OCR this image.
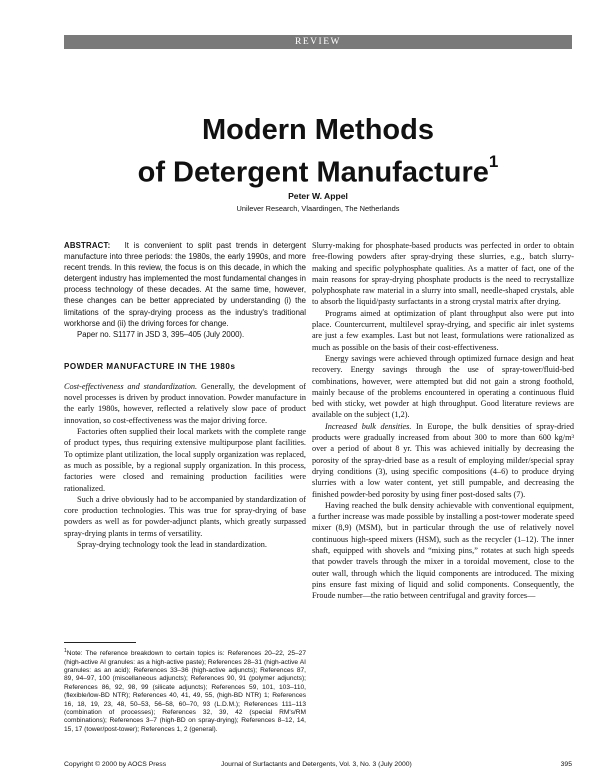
REVIEW
Modern Methods
of Detergent Manufacture$^1$
Peter W. Appel
Unilever Research, Vlaardingen, The Netherlands

ABSTRACT: It is convenient to split past trends in detergent manufacture into three periods: the 1980s, the early 1990s, and more recent trends. In this review, the focus is on this decade, in which the detergent industry has implemented the most fundamental changes in process technology of these decades. At the same time, however, these changes can be better appreciated by understanding (i) the limitations of the spray-drying process as the industry's traditional workhorse and (ii) the driving forces for change.

Paper no. S1177 in JSD 3, 395–405 (July 2000).

POWDER MANUFACTURE IN THE 1980s

Cost-effectiveness and standardization. Generally, the development of novel processes is driven by product innovation. Powder manufacture in the early 1980s, however, reflected a relatively slow pace of product innovation, so cost-effectiveness was the major driving force.

Factories often supplied their local markets with the complete range of product types, thus requiring extensive multipurpose plant facilities. To optimize plant utilization, the local supply organization was replaced, as much as possible, by a regional supply organization. In this process, factories were closed and remaining production facilities were rationalized.

Such a drive obviously had to be accompanied by standardization of core production technologies. This was true for spray-drying of base powders as well as for powder-adjunct plants, which greatly surpassed spray-drying plants in terms of versatility.

Spray-drying technology took the lead in standardization.

$^1$Note: The reference breakdown to certain topics is: References 20–22, 25–27 (high-active AI granules: as a high-active paste); References 28–31 (high-active AI granules: as an acid); References 33–36 (high-active adjuncts); References 87, 89, 94–97, 100 (miscellaneous adjuncts); References 90, 91 (polymer adjuncts); References 86, 92, 98, 99 (silicate adjuncts); References 59, 101, 103–110, (flexible/low-BD NTR); References 40, 41, 49, 55, (high-BD NTR) 1; References 16, 18, 19, 23, 48, 50–53, 56–58, 60–70, 93 (L.D.M.); References 111–113 (combination of processes); References 32, 39, 42 (special RM's/RM combinations); References 3–7 (high-BD on spray-drying); References 8–12, 14, 15, 17 (tower/post-tower); References 1, 2 (general).

Slurry-making for phosphate-based products was perfected in order to obtain free-flowing powders after spray-drying these slurries, e.g., batch slurry-making and specific polyphosphate qualities. As a matter of fact, one of the main reasons for spray-drying phosphate products is the need to recrystallize polyphosphate raw material in a slurry into small, needle-shaped crystals, able to absorb the liquid/pasty surfactants in a strong crystal matrix after drying.

Programs aimed at optimization of plant throughput also were put into place. Countercurrent, multilevel spray-drying, and specific air inlet systems are just a few examples. Last but not least, formulations were rationalized as much as possible on the basis of their cost-effectiveness.

Energy savings were achieved through optimized furnace design and heat recovery. Energy savings through the use of spray-tower/fluid-bed combinations, however, were attempted but did not gain a strong foothold, mainly because of the problems encountered in operating a continuous fluid bed with sticky, wet powder at high throughput. Good literature reviews are available on the subject (1,2).

Increased bulk densities. In Europe, the bulk densities of spray-dried products were gradually increased from about 300 to more than 600 kg/m³ over a period of about 8 yr. This was achieved initially by decreasing the porosity of the spray-dried base as a result of employing milder/special spray drying conditions (3), using specific compositions (4–6) to produce drying slurries with a low water content, yet still pumpable, and decreasing the finished powder-bed porosity by using finer post-dosed salts (7).

Having reached the bulk density achievable with conventional equipment, a further increase was made possible by installing a post-tower moderate speed mixer (8,9) (MSM), but in particular through the use of relatively novel continuous high-speed mixers (HSM), such as the recycler (1–12). The inner shaft, equipped with shovels and “mixing pins,” rotates at such high speeds that powder travels through the mixer in a toroidal movement, close to the outer wall, through which the liquid components are introduced. The mixing pins ensure fast mixing of liquid and solid components. Consequently, the Froude number—the ratio between centrifugal and gravity forces—

Copyright © 2000 by AOCS Press	Journal of Surfactants and Detergents, Vol. 3, No. 3 (July 2000)	395
